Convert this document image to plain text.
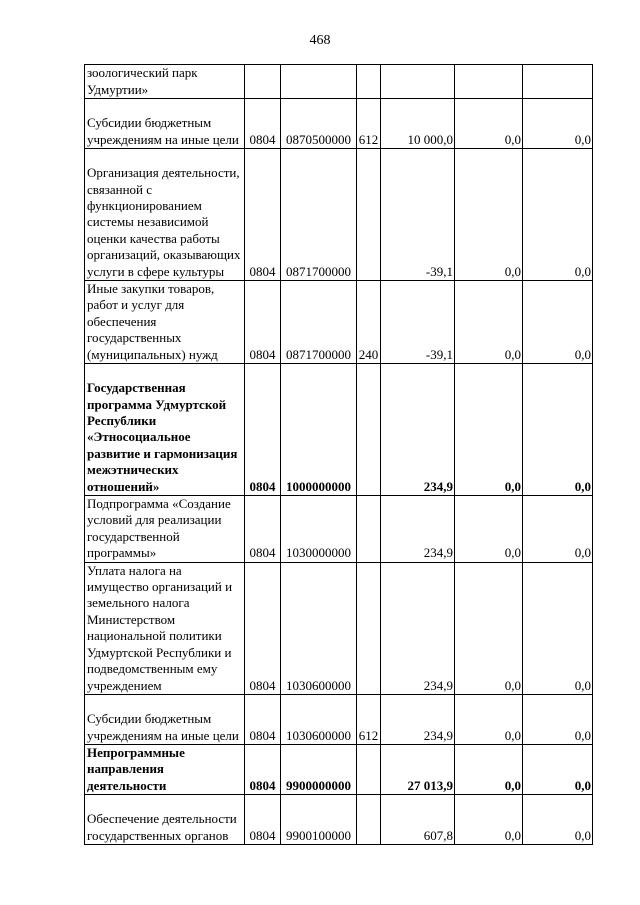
468
зоологический парк Удмуртии»						
Субсидии бюджетным учреждениям на иные цели	0804	0870500000	612	10 000,0	0,0	0,0
Организация деятельности, связанной с функционированием системы независимой оценки качества работы организаций, оказывающих услуги в сфере культуры	0804	0871700000		-39,1	0,0	0,0
Иные закупки товаров, работ и услуг для обеспечения государственных (муниципальных) нужд	0804	0871700000	240	-39,1	0,0	0,0
Государственная программа Удмуртской Республики «Этносоциальное развитие и гармонизация межэтнических отношений»	0804	1000000000		234,9	0,0	0,0
Подпрограмма «Создание условий для реализации государственной программы»	0804	1030000000		234,9	0,0	0,0
Уплата налога на имущество организаций и земельного налога Министерством национальной политики Удмуртской Республики и подведомственным ему учреждением	0804	1030600000		234,9	0,0	0,0
Субсидии бюджетным учреждениям на иные цели	0804	1030600000	612	234,9	0,0	0,0
Непрограммные направления деятельности	0804	9900000000		27 013,9	0,0	0,0
Обеспечение деятельности государственных органов	0804	9900100000		607,8	0,0	0,0
